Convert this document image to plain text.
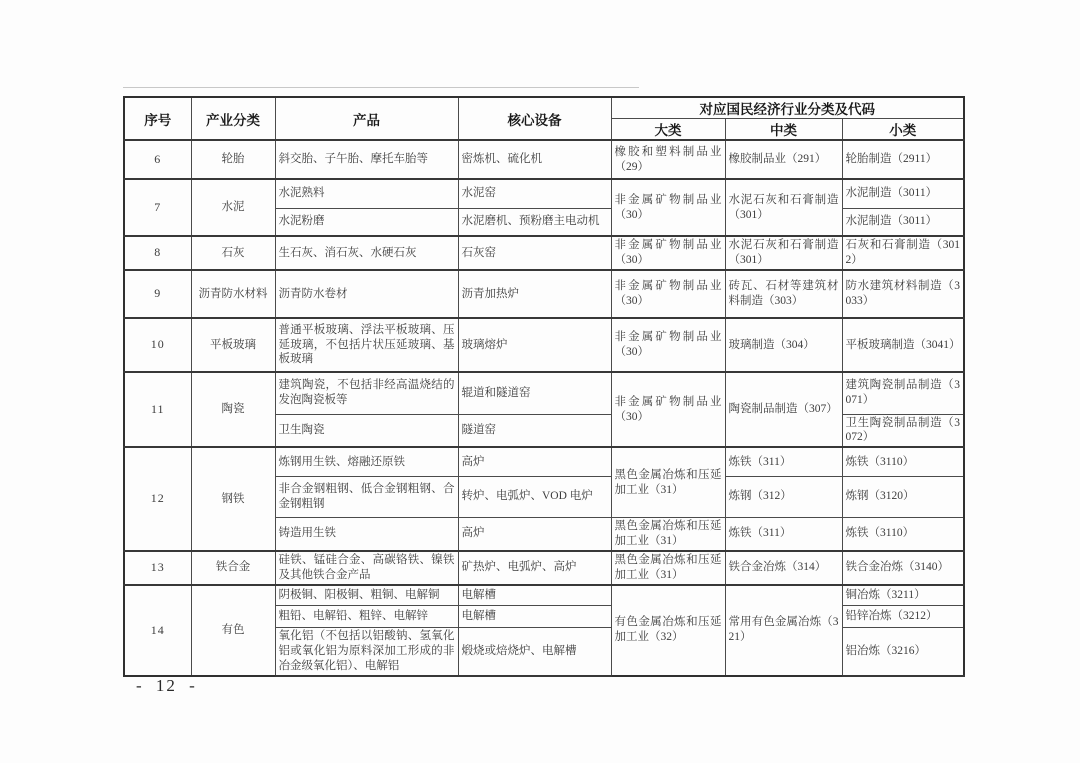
序号	产业分类	产品	核心设备	对应国民经济行业分类及代码		
				大类	中类	小类
6	轮胎	斜交胎、子午胎、摩托车胎等	密炼机、硫化机	橡胶和塑料制品业（29）	橡胶制品业（291）	轮胎制造（2911）
7	水泥	水泥熟料	水泥窑	非金属矿物制品业（30）	水泥石灰和石膏制造（301）	水泥制造（3011）
		水泥粉磨	水泥磨机、预粉磨主电动机			水泥制造（3011）
8	石灰	生石灰、消石灰、水硬石灰	石灰窑	非金属矿物制品业（30）	水泥石灰和石膏制造（301）	石灰和石膏制造（3012）
9	沥青防水材料	沥青防水卷材	沥青加热炉	非金属矿物制品业（30）	砖瓦、石材等建筑材料制造（303）	防水建筑材料制造（3033）
10	平板玻璃	普通平板玻璃、浮法平板玻璃、压延玻璃，不包括片状压延玻璃、基板玻璃	玻璃熔炉	非金属矿物制品业（30）	玻璃制造（304）	平板玻璃制造（3041）
11	陶瓷	建筑陶瓷，不包括非经高温烧结的发泡陶瓷板等	辊道和隧道窑	非金属矿物制品业（30）	陶瓷制品制造（307）	建筑陶瓷制品制造（3071）
		卫生陶瓷	隧道窑			卫生陶瓷制品制造（3072）
12	钢铁	炼钢用生铁、熔融还原铁	高炉	黑色金属冶炼和压延加工业（31）	炼铁（311）	炼铁（3110）
		非合金钢粗钢、低合金钢粗钢、合金钢粗钢	转炉、电弧炉、VOD 电炉		炼钢（312）	炼钢（3120）
		铸造用生铁	高炉	黑色金属冶炼和压延加工业（31）	炼铁（311）	炼铁（3110）
13	铁合金	硅铁、锰硅合金、高碳铬铁、镍铁及其他铁合金产品	矿热炉、电弧炉、高炉	黑色金属冶炼和压延加工业（31）	铁合金冶炼（314）	铁合金冶炼（3140）
14	有色	阴极铜、阳极铜、粗铜、电解铜	电解槽	有色金属冶炼和压延加工业（32）	常用有色金属冶炼（321）	铜冶炼（3211）
		粗铅、电解铅、粗锌、电解锌	电解槽			铅锌冶炼（3212）
		氧化铝（不包括以铝酸钠、氢氧化铝或氧化铝为原料深加工形成的非冶金级氧化铝）、电解铝	煅烧或焙烧炉、电解槽			铝冶炼（3216）
- 12 -
